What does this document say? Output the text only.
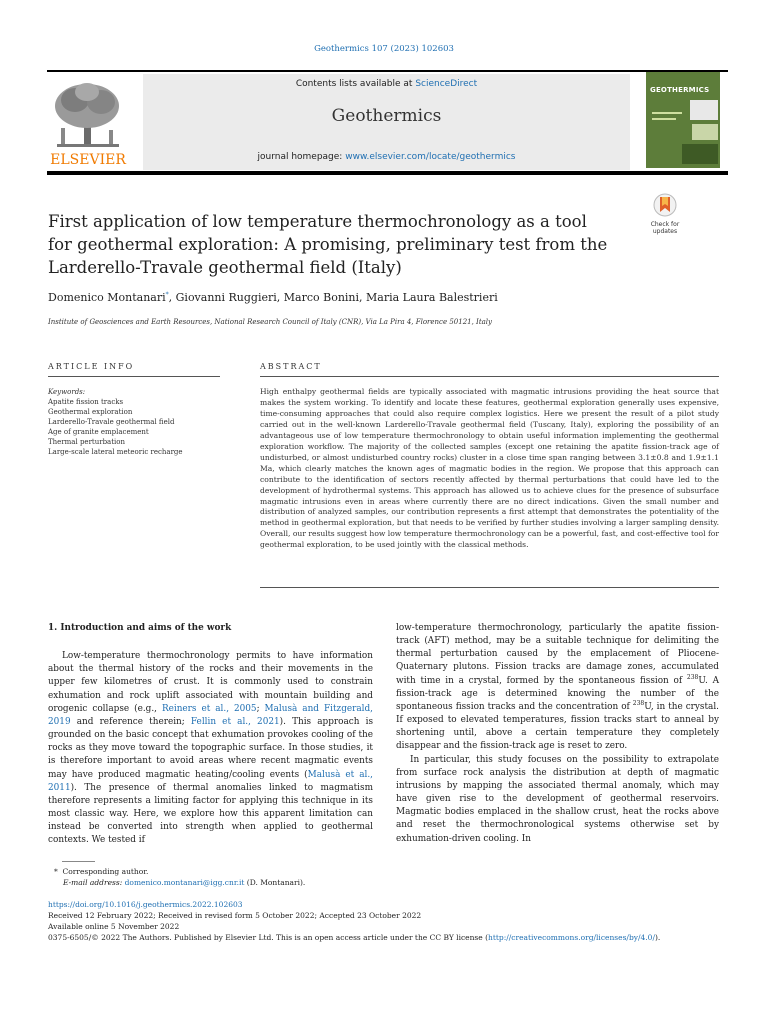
Geothermics 107 (2023) 102603
ELSEVIER
Contents lists available at ScienceDirect
Geothermics
journal homepage: www.elsevier.com/locate/geothermics
GEOTHERMICS
Check for
updates
First application of low temperature thermochronology as a tool for geothermal exploration: A promising, preliminary test from the Larderello-Travale geothermal field (Italy)
Domenico Montanari*, Giovanni Ruggieri, Marco Bonini, Maria Laura Balestrieri
Institute of Geosciences and Earth Resources, National Research Council of Italy (CNR), Via La Pira 4, Florence 50121, Italy
ARTICLE INFO	ABSTRACT
Keywords:
Apatite fission tracks
Geothermal exploration
Larderello-Travale geothermal field
Age of granite emplacement
Thermal perturbation
Large-scale lateral meteoric recharge
High enthalpy geothermal fields are typically associated with magmatic intrusions providing the heat source that makes the system working. To identify and locate these features, geothermal exploration generally uses expensive, time-consuming approaches that could also require complex logistics. Here we present the result of a pilot study carried out in the well-known Larderello-Travale geothermal field (Tuscany, Italy), exploring the possibility of an advantageous use of low temperature thermochronology to obtain useful information implementing the geothermal exploration workflow. The majority of the collected samples (except one retaining the apatite fission-track age of undisturbed, or almost undisturbed country rocks) cluster in a close time span ranging between 3.1±0.8 and 1.9±1.1 Ma, which clearly matches the known ages of magmatic bodies in the region. We propose that this approach can contribute to the identification of sectors recently affected by thermal perturbations that could have led to the development of hydrothermal systems. This approach has allowed us to achieve clues for the presence of subsurface magmatic intrusions even in areas where currently there are no direct indications. Given the small number and distribution of analyzed samples, our contribution represents a first attempt that demonstrates the potentiality of the method in geothermal exploration, but that needs to be verified by further studies involving a larger sampling density. Overall, our results suggest how low temperature thermochronology can be a powerful, fast, and cost-effective tool for geothermal exploration, to be used jointly with the classical methods.
1. Introduction and aims of the work

Low-temperature thermochronology permits to have information about the thermal history of the rocks and their movements in the upper few kilometres of crust. It is commonly used to constrain exhumation and rock uplift associated with mountain building and orogenic collapse (e.g., Reiners et al., 2005; Malusà and Fitzgerald, 2019 and reference therein; Fellin et al., 2021). This approach is grounded on the basic concept that exhumation provokes cooling of the rocks as they move toward the topographic surface. In those studies, it is therefore important to avoid areas where recent magmatic events may have produced magmatic heating/cooling events (Malusà et al., 2011). The presence of thermal anomalies linked to magmatism therefore represents a limiting factor for applying this technique in its most classic way. Here, we explore how this apparent limitation can instead be converted into strength when applied to geothermal contexts. We tested if

low-temperature thermochronology, particularly the apatite fission-track (AFT) method, may be a suitable technique for delimiting the thermal perturbation caused by the emplacement of Pliocene-Quaternary plutons. Fission tracks are damage zones, accumulated with time in a crystal, formed by the spontaneous fission of $^{238}$U. A fission-track age is determined knowing the number of the spontaneous fission tracks and the concentration of $^{238}$U, in the crystal. If exposed to elevated temperatures, fission tracks start to anneal by shortening until, above a certain temperature they completely disappear and the fission-track age is reset to zero.

In particular, this study focuses on the possibility to extrapolate from surface rock analysis the distribution at depth of magmatic intrusions by mapping the associated thermal anomaly, which may have given rise to the development of geothermal reservoirs. Magmatic bodies emplaced in the shallow crust, heat the rocks above and reset the thermochronological systems otherwise set by exhumation-driven cooling. In

* Corresponding author.
E-mail address: domenico.montanari@igg.cnr.it (D. Montanari).
https://doi.org/10.1016/j.geothermics.2022.102603
Received 12 February 2022; Received in revised form 5 October 2022; Accepted 23 October 2022
Available online 5 November 2022
0375-6505/© 2022 The Authors. Published by Elsevier Ltd. This is an open access article under the CC BY license (http://creativecommons.org/licenses/by/4.0/).
